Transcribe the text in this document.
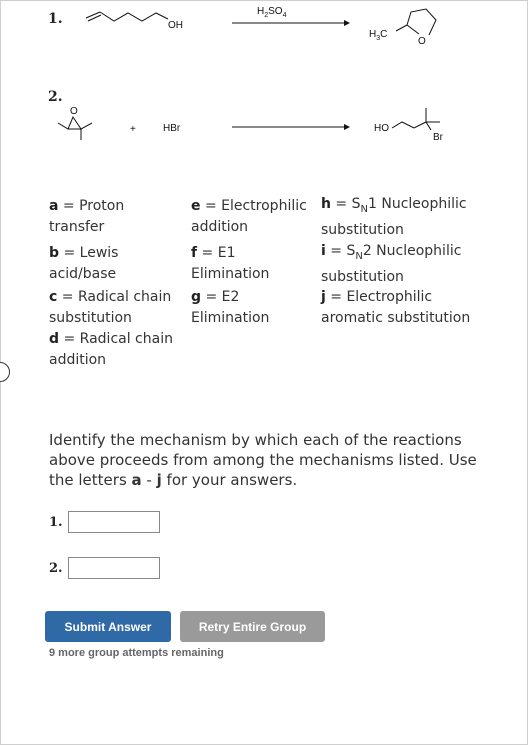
1.	OH
$H_2SO_4$
$H_3C$
O
2.
O
+	HBr	HO
Br
a = Proton
transfer
b = Lewis
acid/base
c = Radical chain
substitution
d = Radical chain
addition
e = Electrophilic
addition
f = E1
Elimination
g = E2
Elimination
$h = S_N1$ Nucleophilic
substitution
$i = S_N2$ Nucleophilic
substitution
j = Electrophilic
aromatic substitution
Identify the mechanism by which each of the reactions
above proceeds from among the mechanisms listed. Use
the letters a - j for your answers.
1.
2.
Submit Answer	Retry Entire Group
9 more group attempts remaining
